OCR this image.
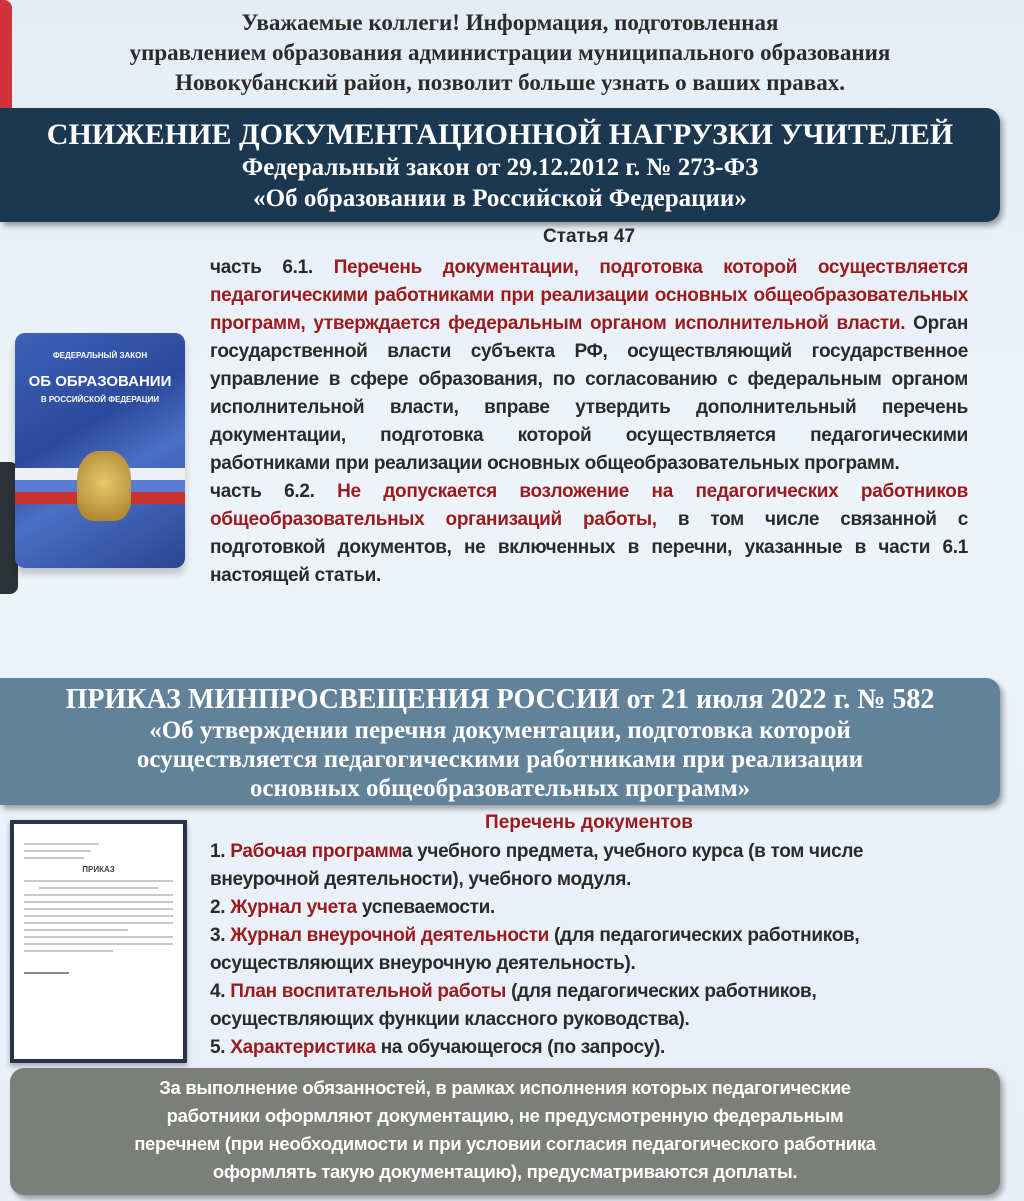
Уважаемые коллеги! Информация, подготовленная
управлением образования администрации муниципального образования
Новокубанский район, позволит больше узнать о ваших правах.
СНИЖЕНИЕ ДОКУМЕНТАЦИОННОЙ НАГРУЗКИ УЧИТЕЛЕЙ
Федеральный закон от 29.12.2012 г. № 273-ФЗ
«Об образовании в Российской Федерации»
Статья 47
ФЕДЕРАЛЬНЫЙ ЗАКОН
ОБ ОБРАЗОВАНИИ
В РОССИЙСКОЙ ФЕДЕРАЦИИ

часть 6.1. Перечень документации, подготовка которой осуществляется педагогическими работниками при реализации основных общеобразовательных программ, утверждается федеральным органом исполнительной власти. Орган государственной власти субъекта РФ, осуществляющий государственное управление в сфере образования, по согласованию с федеральным органом исполнительной власти, вправе утвердить дополнительный перечень документации, подготовка которой осуществляется педагогическими работниками при реализации основных общеобразовательных программ.

часть 6.2. Не допускается возложение на педагогических работников общеобразовательных организаций работы, в том числе связанной с подготовкой документов, не включенных в перечни, указанные в части 6.1 настоящей статьи.

ПРИКАЗ МИНПРОСВЕЩЕНИЯ РОССИИ от 21 июля 2022 г. № 582
«Об утверждении перечня документации, подготовка которой
осуществляется педагогическими работниками при реализации
основных общеобразовательных программ»
ПРИКАЗ
Перечень документов
1. Рабочая программа учебного предмета, учебного курса (в том числе внеурочной деятельности), учебного модуля.
2. Журнал учета успеваемости.
3. Журнал внеурочной деятельности (для педагогических работников, осуществляющих внеурочную деятельность).
4. План воспитательной работы (для педагогических работников, осуществляющих функции классного руководства).
5. Характеристика на обучающегося (по запросу).
За выполнение обязанностей, в рамках исполнения которых педагогические
работники оформляют документацию, не предусмотренную федеральным
перечнем (при необходимости и при условии согласия педагогического работника
оформлять такую документацию), предусматриваются доплаты.
